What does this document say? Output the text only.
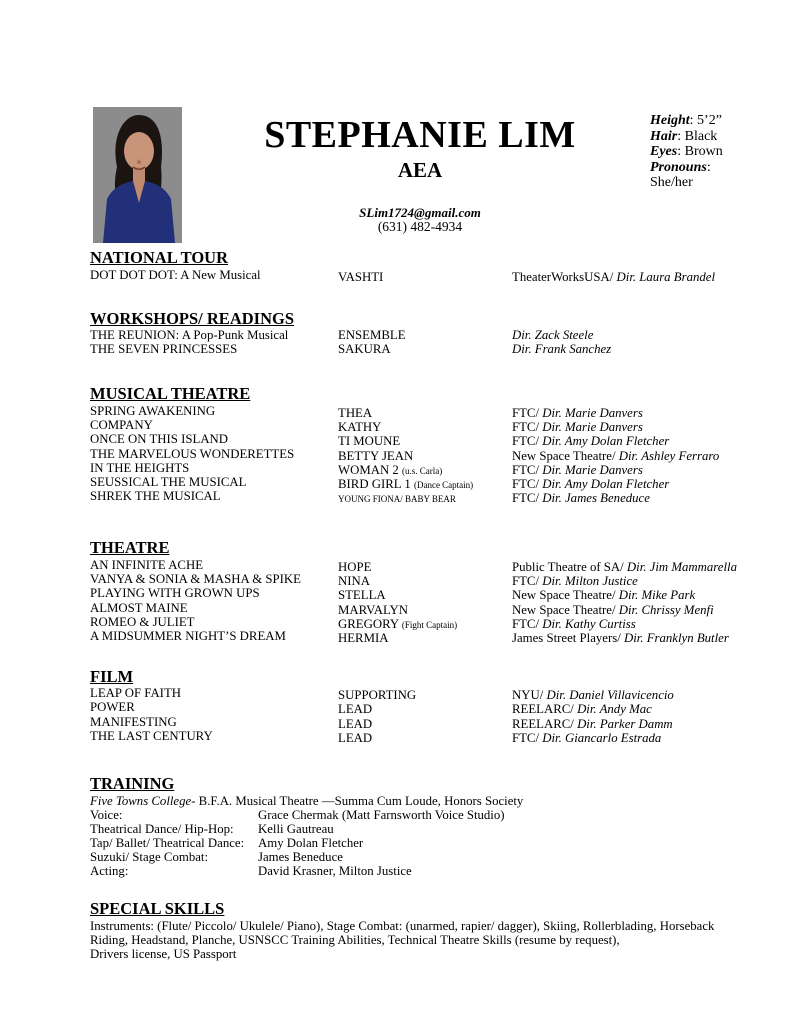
STEPHANIE LIM
AEA
SLim1724@gmail.com
(631) 482-4934
Height: 5’2”
Hair: Black
Eyes: Brown
Pronouns:
She/her
NATIONAL TOUR
DOT DOT DOT: A New Musical	VASHTI	TheaterWorksUSA/ Dir. Laura Brandel
WORKSHOPS/ READINGS
THE REUNION: A Pop-Punk Musical	ENSEMBLE	Dir. Zack Steele
THE SEVEN PRINCESSES	SAKURA	Dir. Frank Sanchez
MUSICAL THEATRE
SPRING AWAKENING	THEA	FTC/ Dir. Marie Danvers
COMPANY	KATHY	FTC/ Dir. Marie Danvers
ONCE ON THIS ISLAND	TI MOUNE	FTC/ Dir. Amy Dolan Fletcher
THE MARVELOUS WONDERETTES	BETTY JEAN	New Space Theatre/ Dir. Ashley Ferraro
IN THE HEIGHTS	WOMAN 2 (u.s. Carla)	FTC/ Dir. Marie Danvers
SEUSSICAL THE MUSICAL	BIRD GIRL 1 (Dance Captain)	FTC/ Dir. Amy Dolan Fletcher
SHREK THE MUSICAL	YOUNG FIONA/ BABY BEAR	FTC/ Dir. James Beneduce
THEATRE
AN INFINITE ACHE	HOPE	Public Theatre of SA/ Dir. Jim Mammarella
VANYA & SONIA & MASHA & SPIKE	NINA	FTC/ Dir. Milton Justice
PLAYING WITH GROWN UPS	STELLA	New Space Theatre/ Dir. Mike Park
ALMOST MAINE	MARVALYN	New Space Theatre/ Dir. Chrissy Menfi
ROMEO & JULIET	GREGORY (Fight Captain)	FTC/ Dir. Kathy Curtiss
A MIDSUMMER NIGHT’S DREAM	HERMIA	James Street Players/ Dir. Franklyn Butler
FILM
LEAP OF FAITH	SUPPORTING	NYU/ Dir. Daniel Villavicencio
POWER	LEAD	REELARC/ Dir. Andy Mac
MANIFESTING	LEAD	REELARC/ Dir. Parker Damm
THE LAST CENTURY	LEAD	FTC/ Dir. Giancarlo Estrada
TRAINING
Five Towns College- B.F.A. Musical Theatre —Summa Cum Loude, Honors Society
Voice:	Grace Chermak (Matt Farnsworth Voice Studio)
Theatrical Dance/ Hip-Hop: Kelli Gautreau
Tap/ Ballet/ Theatrical Dance: Amy Dolan Fletcher
Suzuki/ Stage Combat:	James Beneduce
Acting:	David Krasner, Milton Justice
SPECIAL SKILLS
Instruments: (Flute/ Piccolo/ Ukulele/ Piano), Stage Combat: (unarmed, rapier/ dagger), Skiing, Rollerblading, Horseback
Riding, Headstand, Planche, USNSCC Training Abilities, Technical Theatre Skills (resume by request),
Drivers license, US Passport
